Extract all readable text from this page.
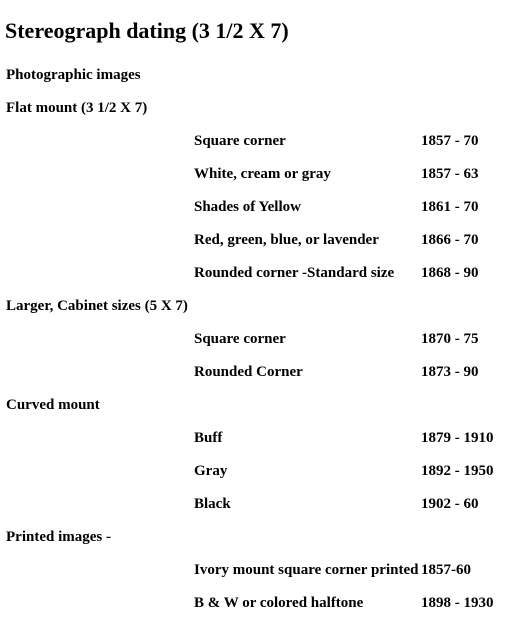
Stereograph dating (3 1/2 X 7)
Photographic images
Flat mount (3 1/2 X 7)
Square corner	1857 - 70
White, cream or gray	1857 - 63
Shades of Yellow	1861 - 70
Red, green, blue, or lavender	1866 - 70
Rounded corner -Standard size 1868 - 90
Larger, Cabinet sizes (5 X 7)
Square corner	1870 - 75
Rounded Corner	1873 - 90
Curved mount
Buff	1879 - 1910
Gray	1892 - 1950
Black	1902 - 60
Printed images -
Ivory mount square corner printed 1857-60
B & W or colored halftone	1898 - 1930
